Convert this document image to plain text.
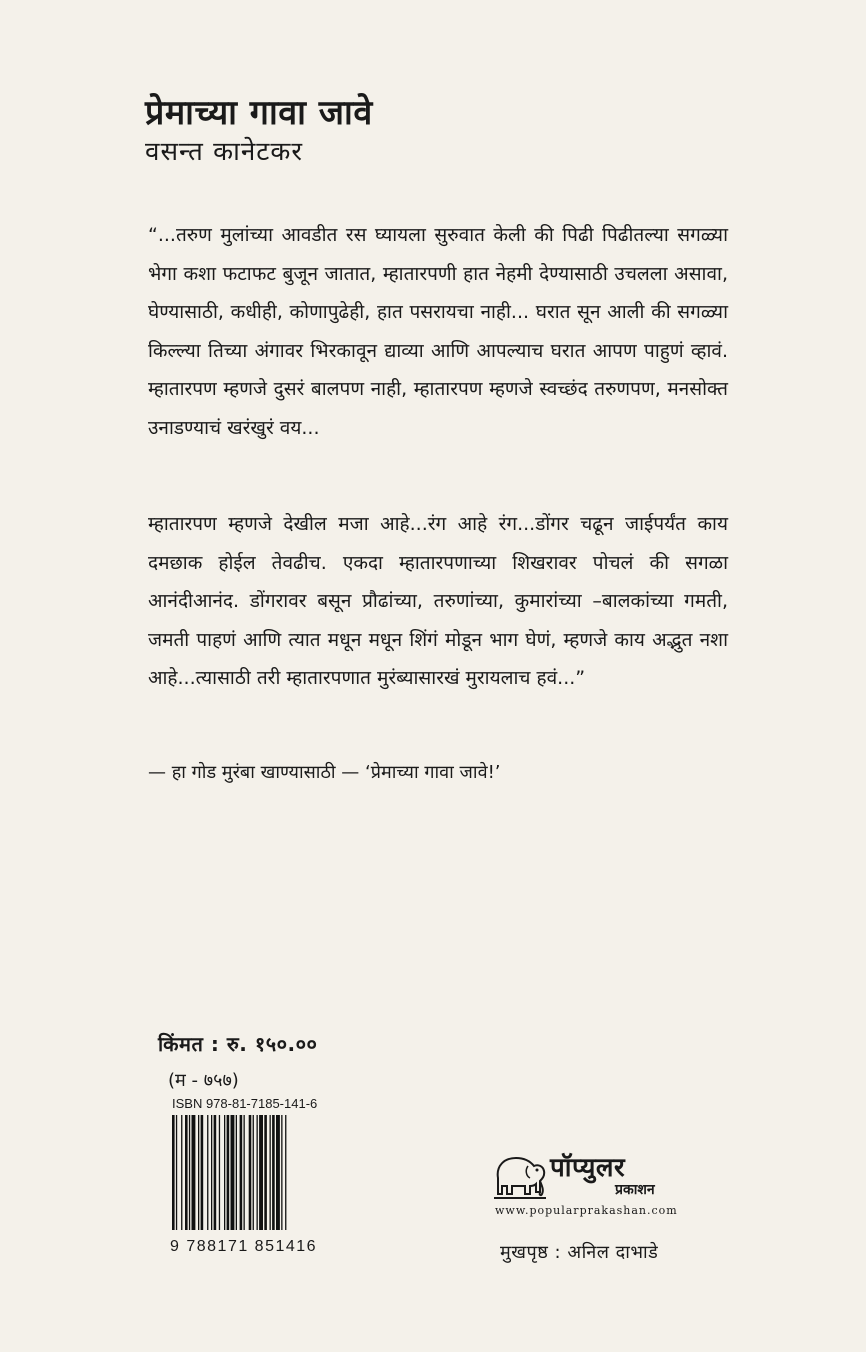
प्रेमाच्या गावा जावे
वसन्त कानेटकर

“...तरुण मुलांच्या आवडीत रस घ्यायला सुरुवात केली की पिढी पिढीतल्या सगळ्या भेगा कशा फटाफट बुजून जातात, म्हातारपणी हात नेहमी देण्यासाठी उचलला असावा, घेण्यासाठी, कधीही, कोणापुढेही, हात पसरायचा नाही... घरात सून आली की सगळ्या किल्ल्या तिच्या अंगावर भिरकावून द्याव्या आणि आपल्याच घरात आपण पाहुणं व्हावं. म्हातारपण म्हणजे दुसरं बालपण नाही, म्हातारपण म्हणजे स्वच्छंद तरुणपण, मनसोक्त उनाडण्याचं खरंखुरं वय...

म्हातारपण म्हणजे देखील मजा आहे...रंग आहे रंग...डोंगर चढून जाईपर्यंत काय दमछाक होईल तेवढीच. एकदा म्हातारपणाच्या शिखरावर पोचलं की सगळा आनंदीआनंद. डोंगरावर बसून प्रौढांच्या, तरुणांच्या, कुमारांच्या –बालकांच्या गमती, जमती पाहणं आणि त्यात मधून मधून शिंगं मोडून भाग घेणं, म्हणजे काय अद्भुत नशा आहे...त्यासाठी तरी म्हातारपणात मुरंब्यासारखं मुरायलाच हवं...”

— हा गोड मुरंबा खाण्यासाठी — ‘प्रेमाच्या गावा जावे!’
किंमत : रु. १५०.००
(म - ७५७)
ISBN 978-81-7185-141-6
9 788171 851416
पॉप्युलर
प्रकाशन
www.popularprakashan.com
मुखपृष्ठ : अनिल दाभाडे
